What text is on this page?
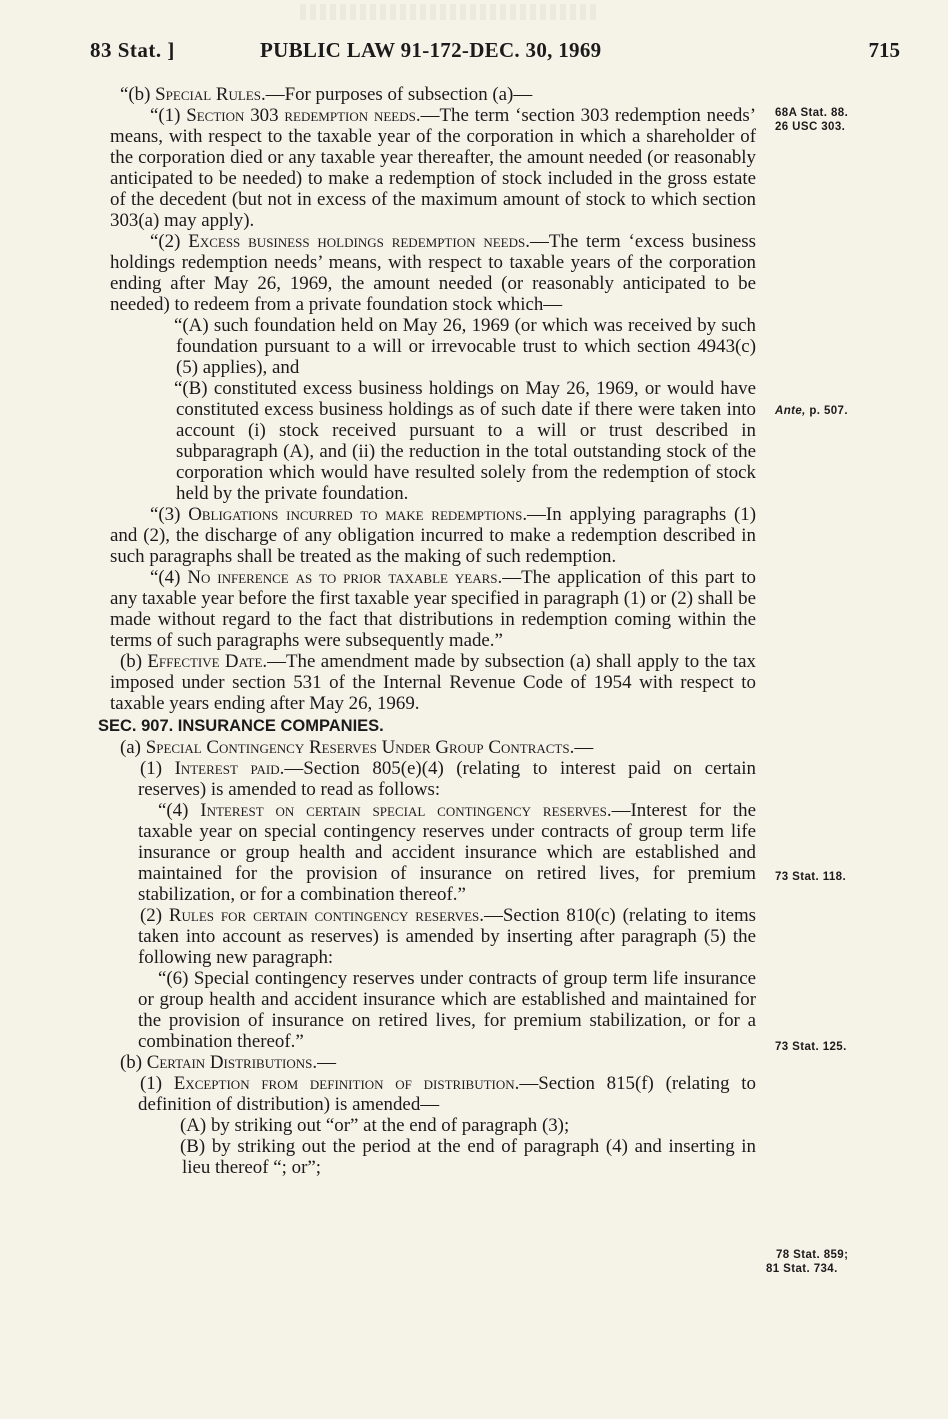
83 Stat. ]	PUBLIC LAW 91-172-DEC. 30, 1969	715

“(b) Special Rules.—For purposes of subsection (a)—

“(1) Section 303 redemption needs.—The term ‘section 303 redemption needs’ means, with respect to the taxable year of the corporation in which a shareholder of the corporation died or any taxable year thereafter, the amount needed (or reasonably anticipated to be needed) to make a redemption of stock included in the gross estate of the decedent (but not in excess of the maximum amount of stock to which section 303(a) may apply).

“(2) Excess business holdings redemption needs.—The term ‘excess business holdings redemption needs’ means, with respect to taxable years of the corporation ending after May 26, 1969, the amount needed (or reasonably anticipated to be needed) to redeem from a private foundation stock which—

“(A) such foundation held on May 26, 1969 (or which was received by such foundation pursuant to a will or irrevocable trust to which section 4943(c)(5) applies), and

“(B) constituted excess business holdings on May 26, 1969, or would have constituted excess business holdings as of such date if there were taken into account (i) stock received pursuant to a will or trust described in subparagraph (A), and (ii) the reduction in the total outstanding stock of the corporation which would have resulted solely from the redemption of stock held by the private foundation.

“(3) Obligations incurred to make redemptions.—In applying paragraphs (1) and (2), the discharge of any obligation incurred to make a redemption described in such paragraphs shall be treated as the making of such redemption.

“(4) No inference as to prior taxable years.—The application of this part to any taxable year before the first taxable year specified in paragraph (1) or (2) shall be made without regard to the fact that distributions in redemption coming within the terms of such paragraphs were subsequently made.”

(b) Effective Date.—The amendment made by subsection (a) shall apply to the tax imposed under section 531 of the Internal Revenue Code of 1954 with respect to taxable years ending after May 26, 1969.

SEC. 907. INSURANCE COMPANIES.

(a) Special Contingency Reserves Under Group Contracts.—

(1) Interest paid.—Section 805(e)(4) (relating to interest paid on certain reserves) is amended to read as follows:

“(4) Interest on certain special contingency reserves.—Interest for the taxable year on special contingency reserves under contracts of group term life insurance or group health and accident insurance which are established and maintained for the provision of insurance on retired lives, for premium stabilization, or for a combination thereof.”

(2) Rules for certain contingency reserves.—Section 810(c) (relating to items taken into account as reserves) is amended by inserting after paragraph (5) the following new paragraph:

“(6) Special contingency reserves under contracts of group term life insurance or group health and accident insurance which are established and maintained for the provision of insurance on retired lives, for premium stabilization, or for a combination thereof.”

(b) Certain Distributions.—

(1) Exception from definition of distribution.—Section 815(f) (relating to definition of distribution) is amended—

(A) by striking out “or” at the end of paragraph (3);

(B) by striking out the period at the end of paragraph (4) and inserting in lieu thereof “; or”;

68A Stat. 88.
26 USC 303.
Ante, p. 507.
73 Stat. 118.
73 Stat. 125.
78 Stat. 859;
81 Stat. 734.
